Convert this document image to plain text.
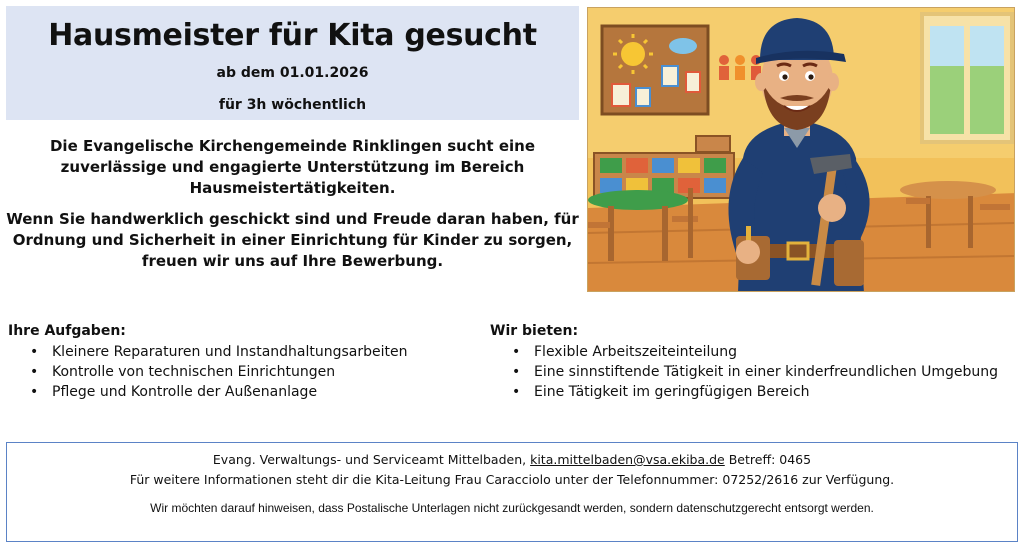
Hausmeister für Kita gesucht
ab dem 01.01.2026
für 3h wöchentlich

Die Evangelische Kirchengemeinde Rinklingen sucht eine zuverlässige und engagierte Unterstützung im Bereich Hausmeistertätigkeiten.

Wenn Sie handwerklich geschickt sind und Freude daran haben, für Ordnung und Sicherheit in einer Einrichtung für Kinder zu sorgen, freuen wir uns auf Ihre Bewerbung.

Ihre Aufgaben:
• Kleinere Reparaturen und Instandhaltungsarbeiten
• Kontrolle von technischen Einrichtungen
• Pflege und Kontrolle der Außenanlage
Wir bieten:
• Flexible Arbeitszeiteinteilung
• Eine sinnstiftende Tätigkeit in einer kinderfreundlichen Umgebung
• Eine Tätigkeit im geringfügigen Bereich
Evang. Verwaltungs- und Serviceamt Mittelbaden, kita.mittelbaden@vsa.ekiba.de Betreff: 0465
Für weitere Informationen steht dir die Kita-Leitung Frau Caracciolo unter der Telefonnummer: 07252/2616 zur Verfügung.
Wir möchten darauf hinweisen, dass Postalische Unterlagen nicht zurückgesandt werden, sondern datenschutzgerecht entsorgt werden.
